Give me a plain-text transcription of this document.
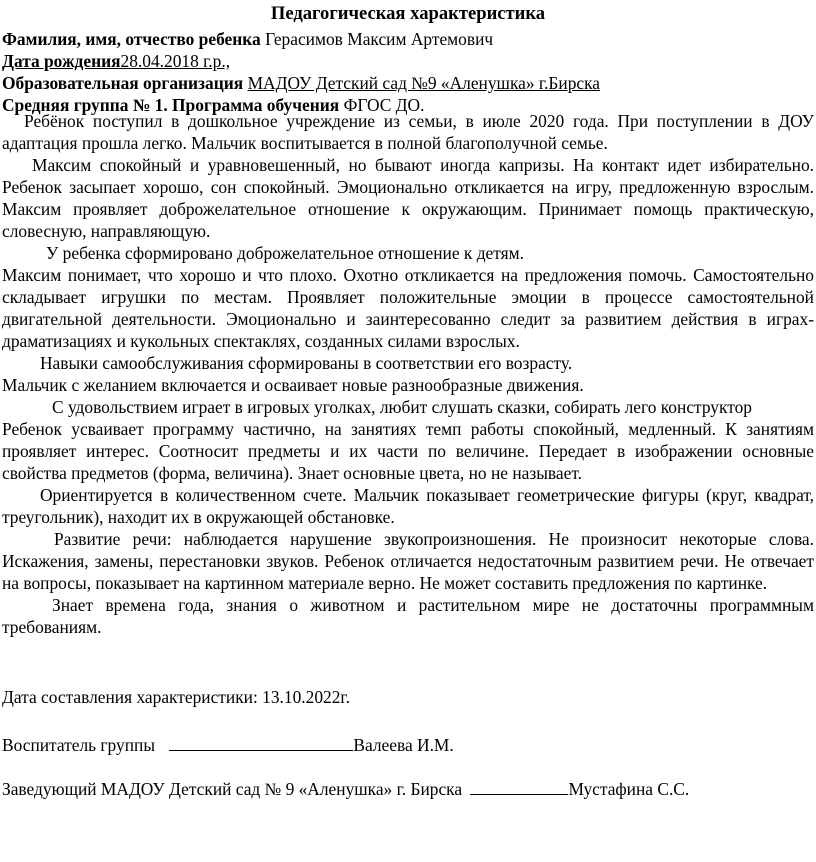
Педагогическая характеристика
Фамилия, имя, отчество ребенка Герасимов Максим Артемович
Дата рождения28.04.2018 г.р.,
Образовательная организация МАДОУ Детский сад №9 «Аленушка» г.Бирска
Средняя группа № 1. Программа обучения ФГОС ДО.

Ребёнок поступил в дошкольное учреждение из семьи, в июле 2020 года. При поступлении в ДОУ адаптация прошла легко. Мальчик воспитывается в полной благополучной семье.

Максим спокойный и уравновешенный, но бывают иногда капризы. На контакт идет избирательно. Ребенок засыпает хорошо, сон спокойный. Эмоционально откликается на игру, предложенную взрослым. Максим проявляет доброжелательное отношение к окружающим. Принимает помощь практическую, словесную, направляющую.

У ребенка сформировано доброжелательное отношение к детям.

Максим понимает, что хорошо и что плохо. Охотно откликается на предложения помочь. Самостоятельно складывает игрушки по местам. Проявляет положительные эмоции в процессе самостоятельной двигательной деятельности. Эмоционально и заинтересованно следит за развитием действия в играх-драматизациях и кукольных спектаклях, созданных силами взрослых.

Навыки самообслуживания сформированы в соответствии его возрасту.

Мальчик с желанием включается и осваивает новые разнообразные движения.

С удовольствием играет в игровых уголках, любит слушать сказки, собирать лего конструктор

Ребенок усваивает программу частично, на занятиях темп работы спокойный, медленный. К занятиям проявляет интерес. Соотносит предметы и их части по величине. Передает в изображении основные свойства предметов (форма, величина). Знает основные цвета, но не называет.

Ориентируется в количественном счете. Мальчик показывает геометрические фигуры (круг, квадрат, треугольник), находит их в окружающей обстановке.

Развитие речи: наблюдается нарушение звукопроизношения. Не произносит некоторые слова. Искажения, замены, перестановки звуков. Ребенок отличается недостаточным развитием речи. Не отвечает на вопросы, показывает на картинном материале верно. Не может составить предложения по картинке.

Знает времена года, знания о животном и растительном мире не достаточны программным требованиям.

Дата составления характеристики: 13.10.2022г.
Воспитатель группы	Валеева И.М.
Заведующий МАДОУ Детский сад № 9 «Аленушка» г. Бирска	Мустафина С.С.
